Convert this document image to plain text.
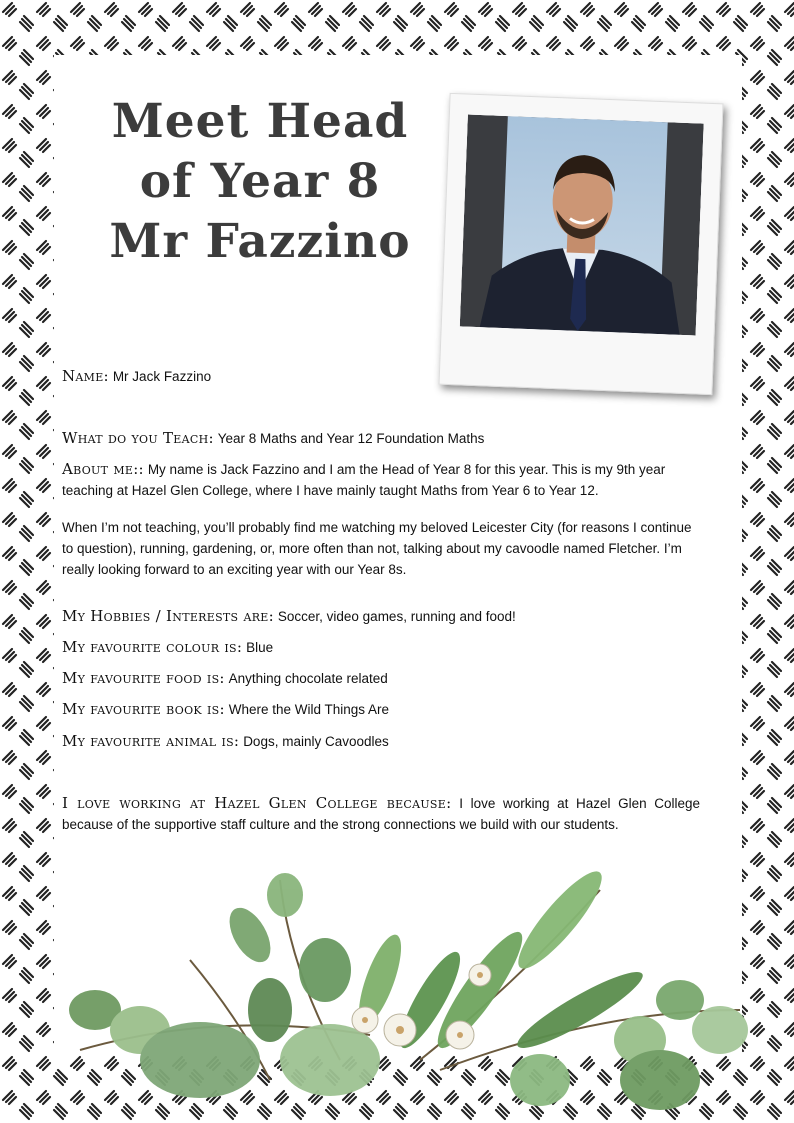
Meet Head
of Year 8
Mr Fazzino
Name: Mr Jack Fazzino
What do you Teach: Year 8 Maths and Year 12 Foundation Maths

About me:: My name is Jack Fazzino and I am the Head of Year 8 for this year. This is my 9th year teaching at Hazel Glen College, where I have mainly taught Maths from Year 6 to Year 12.

When I’m not teaching, you’ll probably find me watching my beloved Leicester City (for reasons I continue to question), running, gardening, or, more often than not, talking about my cavoodle named Fletcher. I’m really looking forward to an exciting year with our Year 8s.

My Hobbies / Interests are: Soccer, video games, running and food!
My favourite colour is: Blue
My favourite food is: Anything chocolate related
My favourite book is: Where the Wild Things Are
My favourite animal is: Dogs, mainly Cavoodles
I love working at Hazel Glen College because: I love working at Hazel Glen College because of the supportive staff culture and the strong connections we build with our students.
